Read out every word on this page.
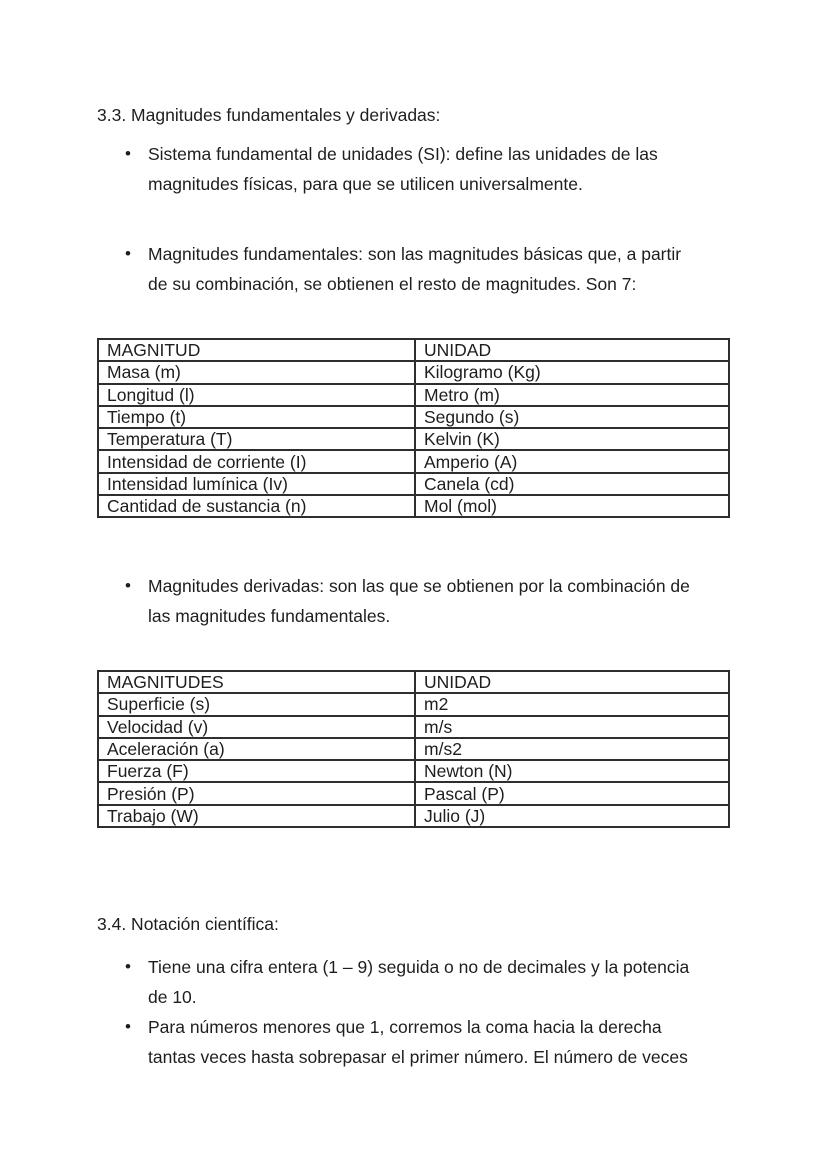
3.3. Magnitudes fundamentales y derivadas:
• Sistema fundamental de unidades (SI): define las unidades de las
magnitudes físicas, para que se utilicen universalmente.
• Magnitudes fundamentales: son las magnitudes básicas que, a partir
de su combinación, se obtienen el resto de magnitudes. Son 7:
MAGNITUD	UNIDAD
Masa (m)	Kilogramo (Kg)
Longitud (l)	Metro (m)
Tiempo (t)	Segundo (s)
Temperatura (T)	Kelvin (K)
Intensidad de corriente (I)	Amperio (A)
Intensidad lumínica (Iv)	Canela (cd)
Cantidad de sustancia (n)	Mol (mol)
• Magnitudes derivadas: son las que se obtienen por la combinación de
las magnitudes fundamentales.
MAGNITUDES	UNIDAD
Superficie (s)	m2
Velocidad (v)	m/s
Aceleración (a)	m/s2
Fuerza (F)	Newton (N)
Presión (P)	Pascal (P)
Trabajo (W)	Julio (J)
3.4. Notación científica:
• Tiene una cifra entera (1 – 9) seguida o no de decimales y la potencia
de 10.
• Para números menores que 1, corremos la coma hacia la derecha
tantas veces hasta sobrepasar el primer número. El número de veces
